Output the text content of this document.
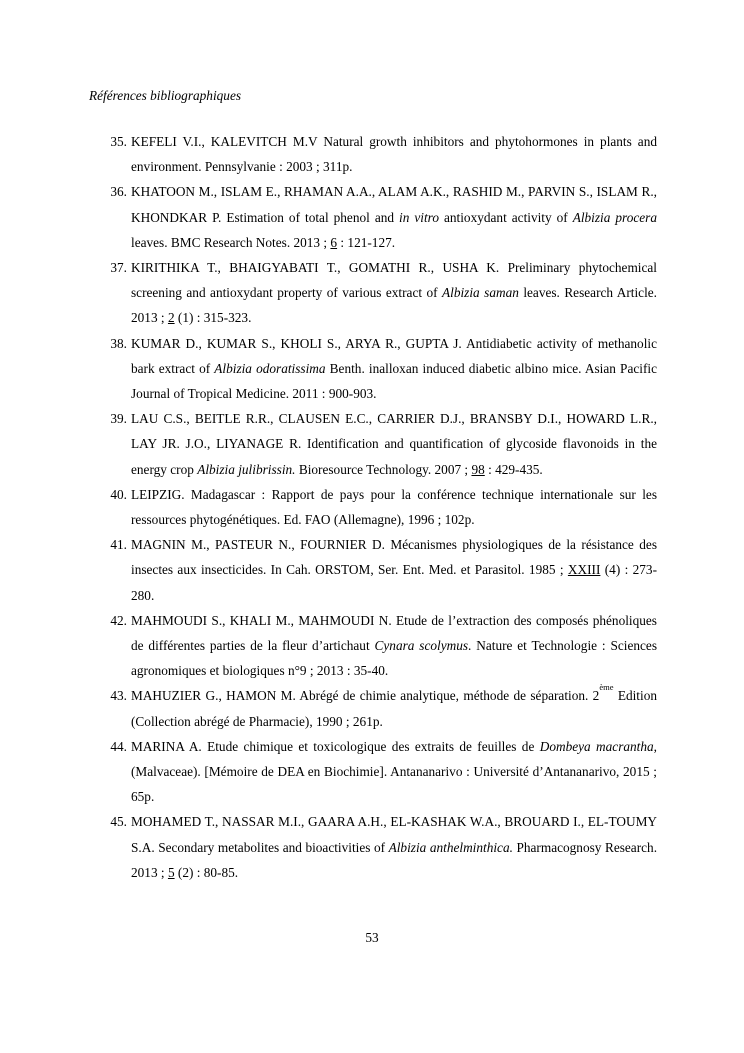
Références bibliographiques
35. KEFELI V.I., KALEVITCH M.V Natural growth inhibitors and phytohormones in plants and environment. Pennsylvanie : 2003 ; 311p.
36. KHATOON M., ISLAM E., RHAMAN A.A., ALAM A.K., RASHID M., PARVIN S., ISLAM R., KHONDKAR P. Estimation of total phenol and in vitro antioxydant activity of Albizia procera leaves. BMC Research Notes. 2013 ; 6 : 121-127.
37. KIRITHIKA T., BHAIGYABATI T., GOMATHI R., USHA K. Preliminary phytochemical screening and antioxydant property of various extract of Albizia saman leaves. Research Article. 2013 ; 2 (1) : 315-323.
38. KUMAR D., KUMAR S., KHOLI S., ARYA R., GUPTA J. Antidiabetic activity of methanolic bark extract of Albizia odoratissima Benth. inalloxan induced diabetic albino mice. Asian Pacific Journal of Tropical Medicine. 2011 : 900-903.
39. LAU C.S., BEITLE R.R., CLAUSEN E.C., CARRIER D.J., BRANSBY D.I., HOWARD L.R., LAY JR. J.O., LIYANAGE R. Identification and quantification of glycoside flavonoids in the energy crop Albizia julibrissin. Bioresource Technology. 2007 ; 98 : 429-435.
40. LEIPZIG. Madagascar : Rapport de pays pour la conférence technique internationale sur les ressources phytogénétiques. Ed. FAO (Allemagne), 1996 ; 102p.
41. MAGNIN M., PASTEUR N., FOURNIER D. Mécanismes physiologiques de la résistance des insectes aux insecticides. In Cah. ORSTOM, Ser. Ent. Med. et Parasitol. 1985 ; XXIII (4) : 273-280.
42. MAHMOUDI S., KHALI M., MAHMOUDI N. Etude de l’extraction des composés phénoliques de différentes parties de la fleur d’artichaut Cynara scolymus. Nature et Technologie : Sciences agronomiques et biologiques n°9 ; 2013 : 35-40.
43. MAHUZIER G., HAMON M. Abrégé de chimie analytique, méthode de séparation. 2ème Edition (Collection abrégé de Pharmacie), 1990 ; 261p.
44. MARINA A. Etude chimique et toxicologique des extraits de feuilles de Dombeya macrantha, (Malvaceae). [Mémoire de DEA en Biochimie]. Antananarivo : Université d’Antananarivo, 2015 ; 65p.
45. MOHAMED T., NASSAR M.I., GAARA A.H., EL-KASHAK W.A., BROUARD I., EL-TOUMY S.A. Secondary metabolites and bioactivities of Albizia anthelminthica. Pharmacognosy Research. 2013 ; 5 (2) : 80-85.
53
